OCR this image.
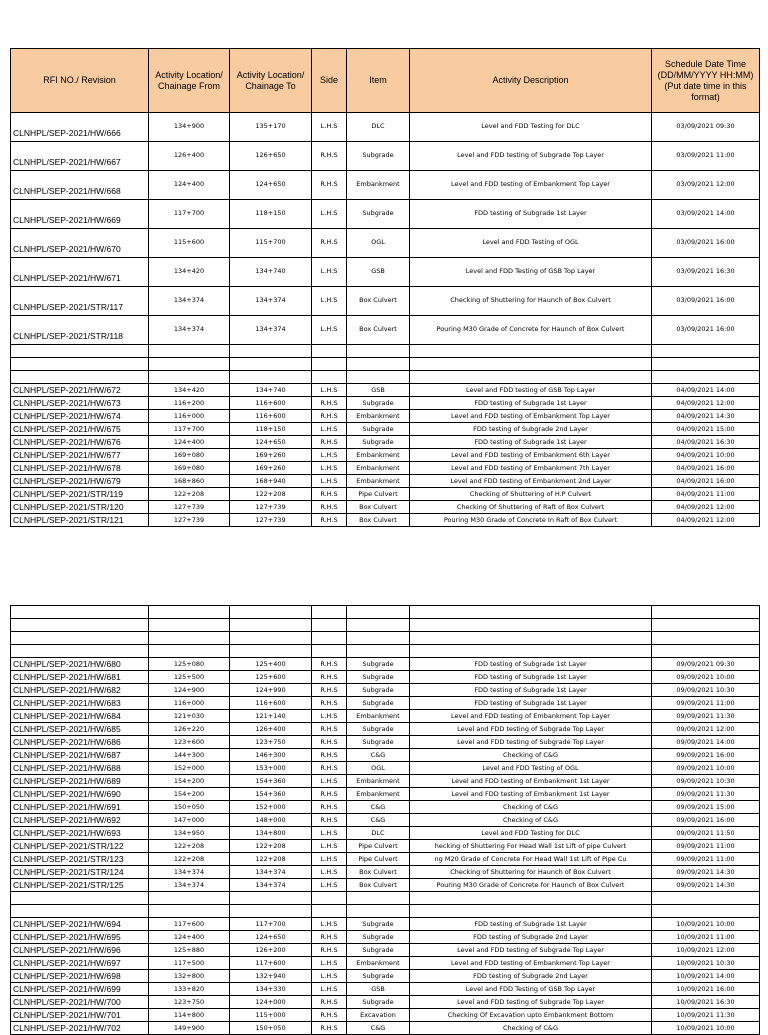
RFI NO./ Revision	Activity Location/ Chainage From	Activity Location/ Chainage To	Side	Item	Activity Description	Schedule Date Time (DD/MM/YYYY HH:MM) (Put date time in this format)
CLNHPL/SEP-2021/HW/666	134+900	135+170	L.H.S	DLC	Level and FDD Testing for DLC	03/09/2021 09:30
CLNHPL/SEP-2021/HW/667	126+400	126+650	R.H.S	Subgrade	Level and FDD testing of Subgrade Top Layer	03/09/2021 11:00
CLNHPL/SEP-2021/HW/668	124+400	124+650	R.H.S	Embankment	Level and FDD testing of Embankment Top Layer	03/09/2021 12:00
CLNHPL/SEP-2021/HW/669	117+700	118+150	L.H.S	Subgrade	FDD testing of Subgrade 1st Layer	03/09/2021 14:00
CLNHPL/SEP-2021/HW/670	115+600	115+700	R.H.S	OGL	Level and FDD Testing of OGL	03/09/2021 16:00
CLNHPL/SEP-2021/HW/671	134+420	134+740	L.H.S	GSB	Level and FDD Testing of GSB Top Layer	03/09/2021 16:30
CLNHPL/SEP-2021/STR/117	134+374	134+374	L.H.S	Box Culvert	Checking of Shuttering for Haunch of Box Culvert	03/09/2021 16:00
CLNHPL/SEP-2021/STR/118	134+374	134+374	L.H.S	Box Culvert	Pouring M30 Grade of Concrete for Haunch of Box Culvert	03/09/2021 16:00

CLNHPL/SEP-2021/HW/672	134+420	134+740	L.H.S	GSB	Level and FDD testing of GSB Top Layer	04/09/2021 14:00
CLNHPL/SEP-2021/HW/673	116+200	116+600	R.H.S	Subgrade	FDD testing of Subgrade 1st Layer	04/09/2021 12:00
CLNHPL/SEP-2021/HW/674	116+000	116+600	R.H.S	Embankment	Level and FDD testing of Embankment Top Layer	04/09/2021 14:30
CLNHPL/SEP-2021/HW/675	117+700	118+150	L.H.S	Subgrade	FDD testing of Subgrade 2nd Layer	04/09/2021 15:00
CLNHPL/SEP-2021/HW/676	124+400	124+650	R.H.S	Subgrade	FDD testing of Subgrade 1st Layer	04/09/2021 16:30
CLNHPL/SEP-2021/HW/677	169+080	169+260	L.H.S	Embankment	Level and FDD testing of Embankment 6th Layer	04/09/2021 10:00
CLNHPL/SEP-2021/HW/678	169+080	169+260	L.H.S	Embankment	Level and FDD testing of Embankment 7th Layer	04/09/2021 16:00
CLNHPL/SEP-2021/HW/679	168+860	168+940	L.H.S	Embankment	Level and FDD testing of Embankment 2nd Layer	04/09/2021 16:00
CLNHPL/SEP-2021/STR/119	122+208	122+208	R.H.S	Pipe Culvert	Checking of Shuttering of H.P Culvert	04/09/2021 11:00
CLNHPL/SEP-2021/STR/120	127+739	127+739	R.H.S	Box Culvert	Checking Of Shuttering of Raft of Box Culvert	04/09/2021 12:00
CLNHPL/SEP-2021/STR/121	127+739	127+739	R.H.S	Box Culvert	Pouring M30 Grade of Concrete In Raft of Box Culvert	04/09/2021 12:00

CLNHPL/SEP-2021/HW/680	125+080	125+400	R.H.S	Subgrade	FDD testing of Subgrade 1st Layer	09/09/2021 09:30
CLNHPL/SEP-2021/HW/681	125+500	125+600	R.H.S	Subgrade	FDD testing of Subgrade 1st Layer	09/09/2021 10:00
CLNHPL/SEP-2021/HW/682	124+900	124+990	R.H.S	Subgrade	FDD testing of Subgrade 1st Layer	09/09/2021 10:30
CLNHPL/SEP-2021/HW/683	116+000	116+600	R.H.S	Subgrade	FDD testing of Subgrade 1st Layer	09/09/2021 11:00
CLNHPL/SEP-2021/HW/684	121+030	121+140	L.H.S	Embankment	Level and FDD testing of Embankment Top Layer	09/09/2021 11:30
CLNHPL/SEP-2021/HW/685	126+220	126+400	R.H.S	Subgrade	Level and FDD testing of Subgrade Top Layer	09/09/2021 12:00
CLNHPL/SEP-2021/HW/686	123+600	123+750	R.H.S	Subgrade	Level and FDD testing of Subgrade Top Layer	09/09/2021 14:00
CLNHPL/SEP-2021/HW/687	144+300	146+300	R.H.S	C&G	Checking of C&G	09/09/2021 16:00
CLNHPL/SEP-2021/HW/688	152+000	153+000	R.H.S	OGL	Level and FDD Testing of OGL	09/09/2021 10:00
CLNHPL/SEP-2021/HW/689	154+200	154+360	L.H.S	Embankment	Level and FDD testing of Embankment 1st Layer	09/09/2021 10:30
CLNHPL/SEP-2021/HW/690	154+200	154+360	R.H.S	Embankment	Level and FDD testing of Embankment 1st Layer	09/09/2021 11:30
CLNHPL/SEP-2021/HW/691	150+050	152+000	R.H.S	C&G	Checking of C&G	09/09/2021 15:00
CLNHPL/SEP-2021/HW/692	147+000	148+000	R.H.S	C&G	Checking of C&G	09/09/2021 16:00
CLNHPL/SEP-2021/HW/693	134+950	134+800	L.H.S	DLC	Level and FDD Testing for DLC	09/09/2021 11:50
CLNHPL/SEP-2021/STR/122	122+208	122+208	L.H.S	Pipe Culvert	hecking of Shuttering For Head Wall 1st Lift of pipe Culvert	09/09/2021 11:00
CLNHPL/SEP-2021/STR/123	122+208	122+208	L.H.S	Pipe Culvert	ng M20 Grade of Concrete For Head Wall 1st Lift of Pipe Cu	09/09/2021 11:00
CLNHPL/SEP-2021/STR/124	134+374	134+374	L.H.S	Box Culvert	Checking of Shuttering for Haunch of Box Culvert	09/09/2021 14:30
CLNHPL/SEP-2021/STR/125	134+374	134+374	L.H.S	Box Culvert	Pouring M30 Grade of Concrete for Haunch of Box Culvert	09/09/2021 14:30

CLNHPL/SEP-2021/HW/694	117+600	117+700	L.H.S	Subgrade	FDD testing of Subgrade 1st Layer	10/09/2021 10:00
CLNHPL/SEP-2021/HW/695	124+400	124+650	R.H.S	Subgrade	FDD testing of Subgrade 2nd Layer	10/09/2021 11:00
CLNHPL/SEP-2021/HW/696	125+880	126+200	R.H.S	Subgrade	Level and FDD testing of Subgrade Top Layer	10/09/2021 12:00
CLNHPL/SEP-2021/HW/697	117+500	117+600	L.H.S	Embankment	Level and FDD testing of Embankment Top Layer	10/09/2021 10:30
CLNHPL/SEP-2021/HW/698	132+800	132+940	L.H.S	Subgrade	FDD testing of Subgrade 2nd Layer	10/09/2021 14:00
CLNHPL/SEP-2021/HW/699	133+820	134+330	L.H.S	GSB	Level and FDD Testing of GSB Top Layer	10/09/2021 16:00
CLNHPL/SEP-2021/HW/700	123+750	124+000	R.H.S	Subgrade	Level and FDD testing of Subgrade Top Layer	10/09/2021 16:30
CLNHPL/SEP-2021/HW/701	114+800	115+000	R.H.S	Excavation	Checking Of Excavation upto Embankment Bottom	10/09/2021 11:30
CLNHPL/SEP-2021/HW/702	149+900	150+050	R.H.S	C&G	Checking of C&G	10/09/2021 10:00
